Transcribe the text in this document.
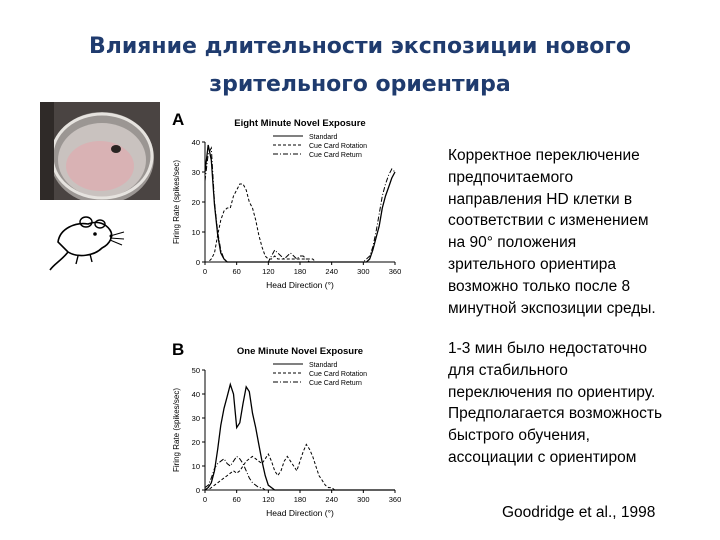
Влияние длительности экспозиции нового
зрительного ориентира
A	Eight Minute Novel Exposure
0
10
20
30
40
0	60	120	180	240	300	360
Head Direction (°)
Firing Rate (spikes/sec)
Standard
Cue Card Rotation
Cue Card Return
B	One Minute Novel Exposure
0
10
20
30
40
50
0	60	120	180	240	300	360
Head Direction (°)
Firing Rate (spikes/sec)
Standard
Cue Card Rotation
Cue Card Return
Корректное переключение
предпочитаемого
направления HD клетки в
соответствии с изменением
на 90° положения
зрительного ориентира
возможно только после 8
минутной экспозиции среды.
1-3 мин было недостаточно
для стабильного
переключения по ориентиру.
Предполагается возможность
быстрого обучения,
ассоциации с ориентиром
Goodridge et al., 1998
